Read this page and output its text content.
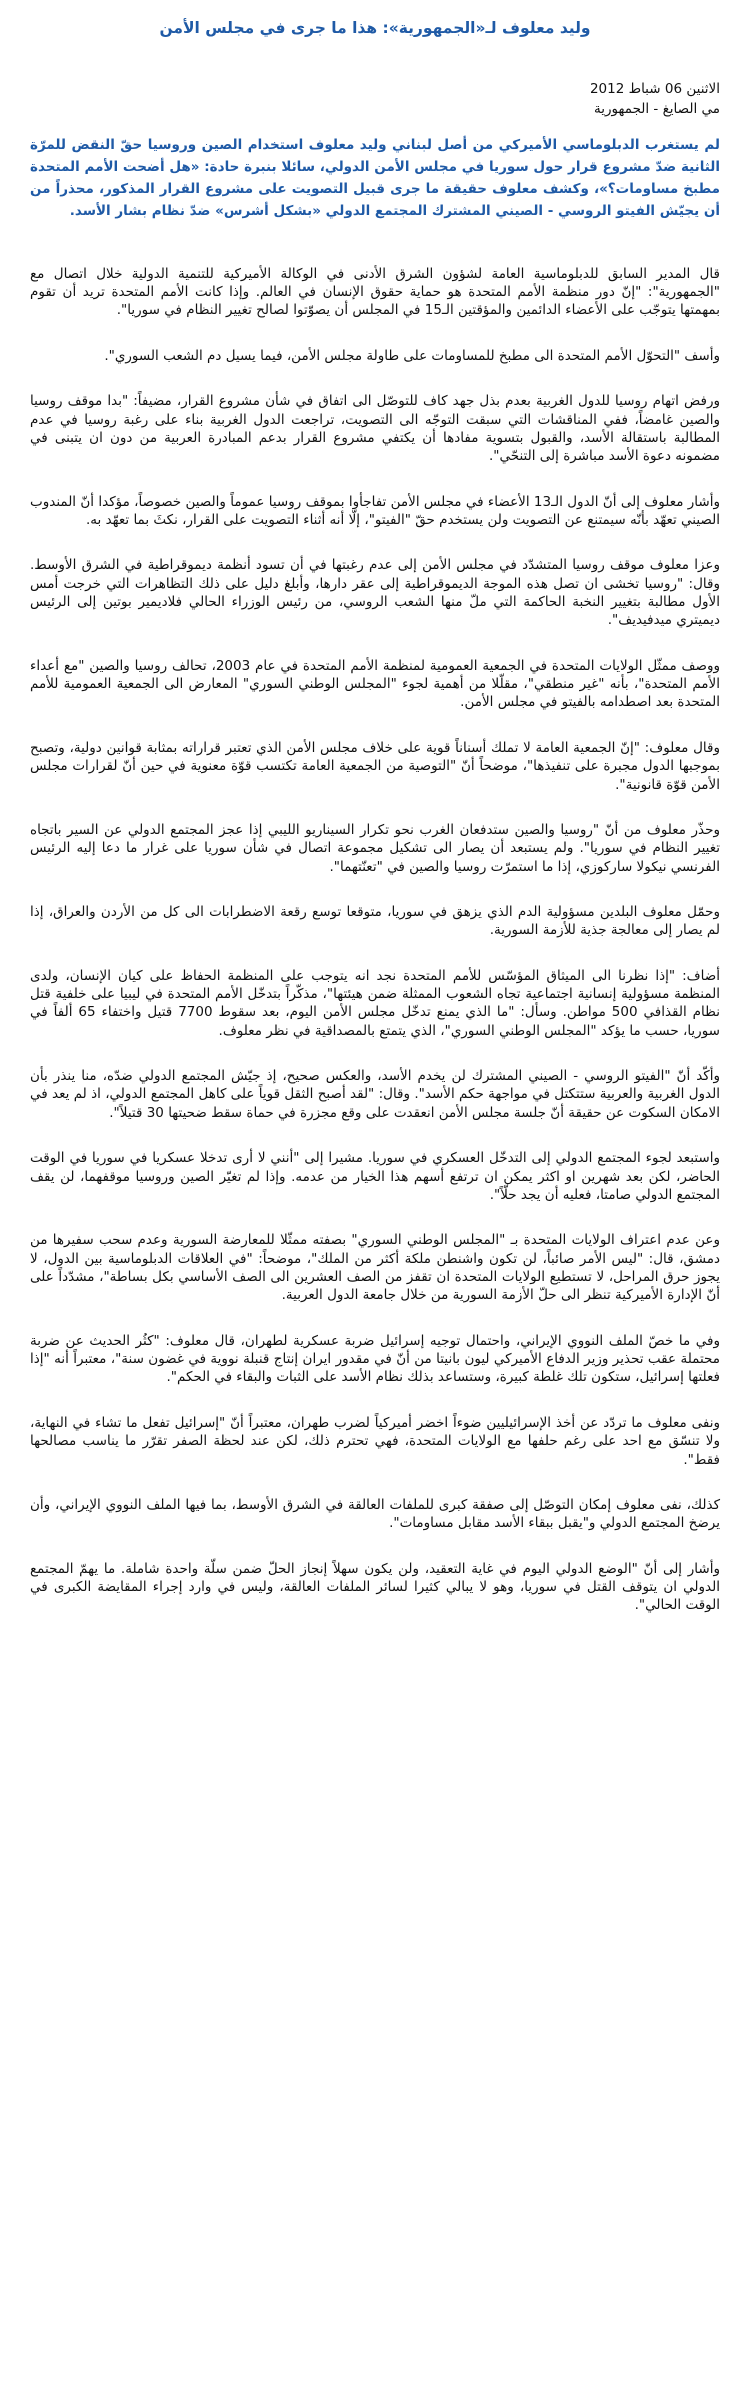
وليد معلوف لـ«الجمهورية»: هذا ما جرى في مجلس الأمن
الاثنين 06 شباط 2012
مي الصايغ - الجمهورية

لم يستغرب الدبلوماسي الأميركي من أصل لبناني وليد معلوف استخدام الصين وروسيا حقّ النقض للمرّة الثانية ضدّ مشروع قرار حول سوريا في مجلس الأمن الدولي، سائلا بنبرة حادة: «هل أضحت الأمم المتحدة مطبخ مساومات؟»، وكشف معلوف حقيقة ما جرى قبيل التصويت على مشروع القرار المذكور، محذراً من أن يجيّش الفيتو الروسي - الصيني المشترك المجتمع الدولي «بشكل أشرس» ضدّ نظام بشار الأسد.

قال المدير السابق للدبلوماسية العامة لشؤون الشرق الأدنى في الوكالة الأميركية للتنمية الدولية خلال اتصال مع "الجمهورية": "إنّ دور منظمة الأمم المتحدة هو حماية حقوق الإنسان في العالم. وإذا كانت الأمم المتحدة تريد أن تقوم بمهمتها يتوجّب على الأعضاء الدائمين والمؤقتين الـ15 في المجلس أن يصوّتوا لصالح تغيير النظام في سوريا".

وأسف "التحوّل الأمم المتحدة الى مطبخ للمساومات على طاولة مجلس الأمن، فيما يسيل دم الشعب السوري".

ورفض اتهام روسيا للدول الغربية بعدم بذل جهد كاف للتوصّل الى اتفاق في شأن مشروع القرار، مضيفاً: "بدا موقف روسيا والصين غامضاً، ففي المناقشات التي سبقت التوجّه الى التصويت، تراجعت الدول الغربية بناء على رغبة روسيا في عدم المطالبة باستقالة الأسد، والقبول بتسوية مفادها أن يكتفي مشروع القرار بدعم المبادرة العربية من دون ان يتبنى في مضمونه دعوة الأسد مباشرة إلى التنحّي".

وأشار معلوف إلى أنّ الدول الـ13 الأعضاء في مجلس الأمن تفاجأوا بموقف روسيا عموماً والصين خصوصاً، مؤكدا أنّ المندوب الصيني تعهّد بأنّه سيمتنع عن التصويت ولن يستخدم حقّ "الفيتو"، إلّا أنه أثناء التصويت على القرار، نكثَ بما تعهّد به.

وعزا معلوف موقف روسيا المتشدّد في مجلس الأمن إلى عدم رغبتها في أن تسود أنظمة ديموقراطية في الشرق الأوسط. وقال: "روسيا تخشى ان تصل هذه الموجة الديموقراطية إلى عقر دارها، وأبلغ دليل على ذلك التظاهرات التي خرجت أمس الأول مطالبة بتغيير النخبة الحاكمة التي ملّ منها الشعب الروسي، من رئيس الوزراء الحالي فلاديمير بوتين إلى الرئيس ديميتري ميدفيديف".

ووصف ممثّل الولايات المتحدة في الجمعية العمومية لمنظمة الأمم المتحدة في عام 2003، تحالف روسيا والصين "مع أعداء الأمم المتحدة"، بأنه "غير منطقي"، مقلّلا من أهمية لجوء "المجلس الوطني السوري" المعارض الى الجمعية العمومية للأمم المتحدة بعد اصطدامه بالفيتو في مجلس الأمن.

وقال معلوف: "إنّ الجمعية العامة لا تملك أسناناً قوية على خلاف مجلس الأمن الذي تعتبر قراراته بمثابة قوانين دولية، وتصبح بموجبها الدول مجبرة على تنفيذها"، موضحاً أنّ "التوصية من الجمعية العامة تكتسب قوّة معنوية في حين أنّ لقرارات مجلس الأمن قوّة قانونية".

وحذّر معلوف من أنّ "روسيا والصين ستدفعان الغرب نحو تكرار السيناريو الليبي إذا عجز المجتمع الدولي عن السير باتجاه تغيير النظام في سوريا". ولم يستبعد أن يصار الى تشكيل مجموعة اتصال في شأن سوريا على غرار ما دعا إليه الرئيس الفرنسي نيكولا ساركوزي، إذا ما استمرّت روسيا والصين في "تعنّتهما".

وحمّل معلوف البلدين مسؤولية الدم الذي يزهق في سوريا، متوقعا توسع رقعة الاضطرابات الى كل من الأردن والعراق، إذا لم يصار إلى معالجة جذية للأزمة السورية.

أضاف: "إذا نظرنا الى الميثاق المؤسّس للأمم المتحدة نجد انه يتوجب على المنظمة الحفاظ على كيان الإنسان، ولدى المنظمة مسؤولية إنسانية اجتماعية تجاه الشعوب الممثلة ضمن هيئتها"، مذكّراً بتدخّل الأمم المتحدة في ليبيا على خلفية قتل نظام القذافي 500 مواطن. وسأل: "ما الذي يمنع تدخّل مجلس الأمن اليوم، بعد سقوط 7700 قتيل واختفاء 65 ألفاً في سوريا، حسب ما يؤكد "المجلس الوطني السوري"، الذي يتمتع بالمصداقية في نظر معلوف.

وأكّد أنّ "الفيتو الروسي - الصيني المشترك لن يخدم الأسد، والعكس صحيح، إذ جيّش المجتمع الدولي ضدّه، منا ينذر بأن الدول الغربية والعربية ستتكتل في مواجهة حكم الأسد". وقال: "لقد أصبح الثقل قوياً على كاهل المجتمع الدولي، اذ لم يعد في الامكان السكوت عن حقيقة أنّ جلسة مجلس الأمن انعقدت على وقع مجزرة في حماة سقط ضحيتها 30 قتيلاً".

واستبعد لجوء المجتمع الدولي إلى التدخّل العسكري في سوريا. مشيرا إلى "أنني لا أرى تدخلا عسكريا في سوريا في الوقت الحاضر، لكن بعد شهرين او اكثر يمكن ان ترتفع أسهم هذا الخيار من عدمه. وإذا لم تغيّر الصين وروسيا موقفهما، لن يقف المجتمع الدولي صامتا، فعليه أن يجد حلّاً".

وعن عدم اعتراف الولايات المتحدة بـ "المجلس الوطني السوري" بصفته ممثّلا للمعارضة السورية وعدم سحب سفيرها من دمشق، قال: "ليس الأمر صائباً، لن تكون واشنطن ملكة أكثر من الملك"، موضحاً: "في العلاقات الدبلوماسية بين الدول، لا يجوز حرق المراحل، لا تستطيع الولايات المتحدة ان تقفز من الصف العشرين الى الصف الأساسي بكل بساطة"، مشدّداً على أنّ الإدارة الأميركية تنظر الى حلّ الأزمة السورية من خلال جامعة الدول العربية.

وفي ما خصّ الملف النووي الإيراني، واحتمال توجيه إسرائيل ضربة عسكرية لطهران، قال معلوف: "كثُر الحديث عن ضربة محتملة عقب تحذير وزير الدفاع الأميركي ليون بانيتا من أنّ في مقدور ايران إنتاج قنبلة نووية في غضون سنة"، معتبراً أنه "إذا فعلتها إسرائيل، ستكون تلك غلطة كبيرة، وستساعد بذلك نظام الأسد على الثبات والبقاء في الحكم".

ونفى معلوف ما تردّد عن أخذ الإسرائيليين ضوءاً اخضر أميركياً لضرب طهران، معتبراً أنّ "إسرائيل تفعل ما تشاء في النهاية، ولا تنسّق مع احد على رغم حلفها مع الولايات المتحدة، فهي تحترم ذلك، لكن عند لحظة الصفر تقرّر ما يناسب مصالحها فقط".

كذلك، نفى معلوف إمكان التوصّل إلى صفقة كبرى للملفات العالقة في الشرق الأوسط، بما فيها الملف النووي الإيراني، وأن يرضخ المجتمع الدولي و"يقبل ببقاء الأسد مقابل مساومات".

وأشار إلى أنّ "الوضع الدولي اليوم في غاية التعقيد، ولن يكون سهلاً إنجاز الحلّ ضمن سلّة واحدة شاملة. ما يهمّ المجتمع الدولي ان يتوقف القتل في سوريا، وهو لا يبالي كثيرا لسائر الملفات العالقة، وليس في وارد إجراء المقايضة الكبرى في الوقت الحالي".
